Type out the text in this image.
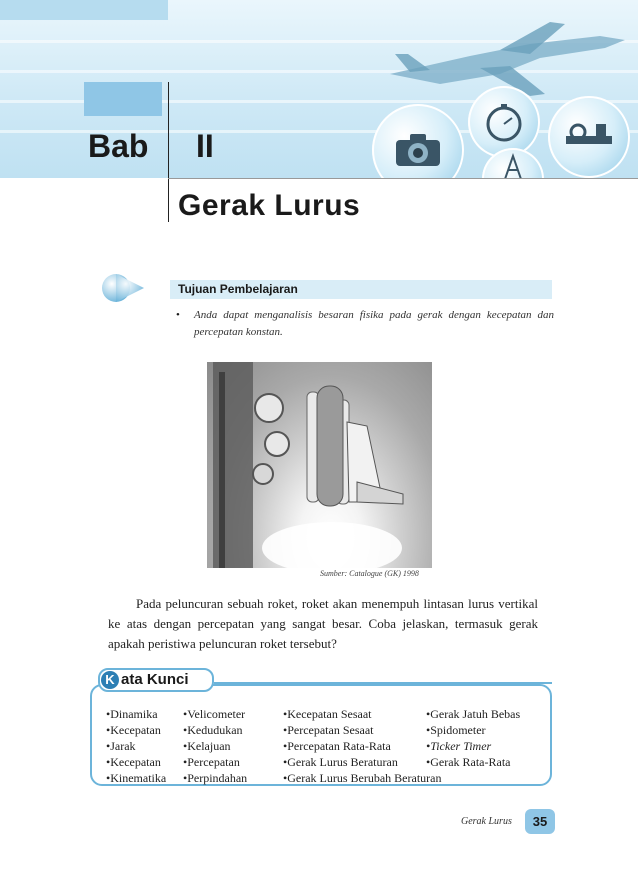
Bab II
Gerak Lurus
Tujuan Pembelajaran
• Anda dapat menganalisis besaran fisika pada gerak dengan kecepatan dan percepatan konstan.
Sumber: Catalogue (GK) 1998
Pada peluncuran sebuah roket, roket akan menempuh lintasan lurus vertikal ke atas dengan percepatan yang sangat besar. Coba jelaskan, termasuk gerak apakah peristiwa peluncuran roket tersebut?
K ata Kunci
•Dinamika
•Kecepatan
•Jarak
•Kecepatan
•Kinematika
•Velicometer
•Kedudukan
•Kelajuan
•Percepatan
•Perpindahan
•Kecepatan Sesaat
•Percepatan Sesaat
•Percepatan Rata-Rata
•Gerak Lurus Beraturan
•Gerak Lurus Berubah Beraturan
•Gerak Jatuh Bebas
•Spidometer
•Ticker Timer
•Gerak Rata-Rata
Gerak Lurus	35
